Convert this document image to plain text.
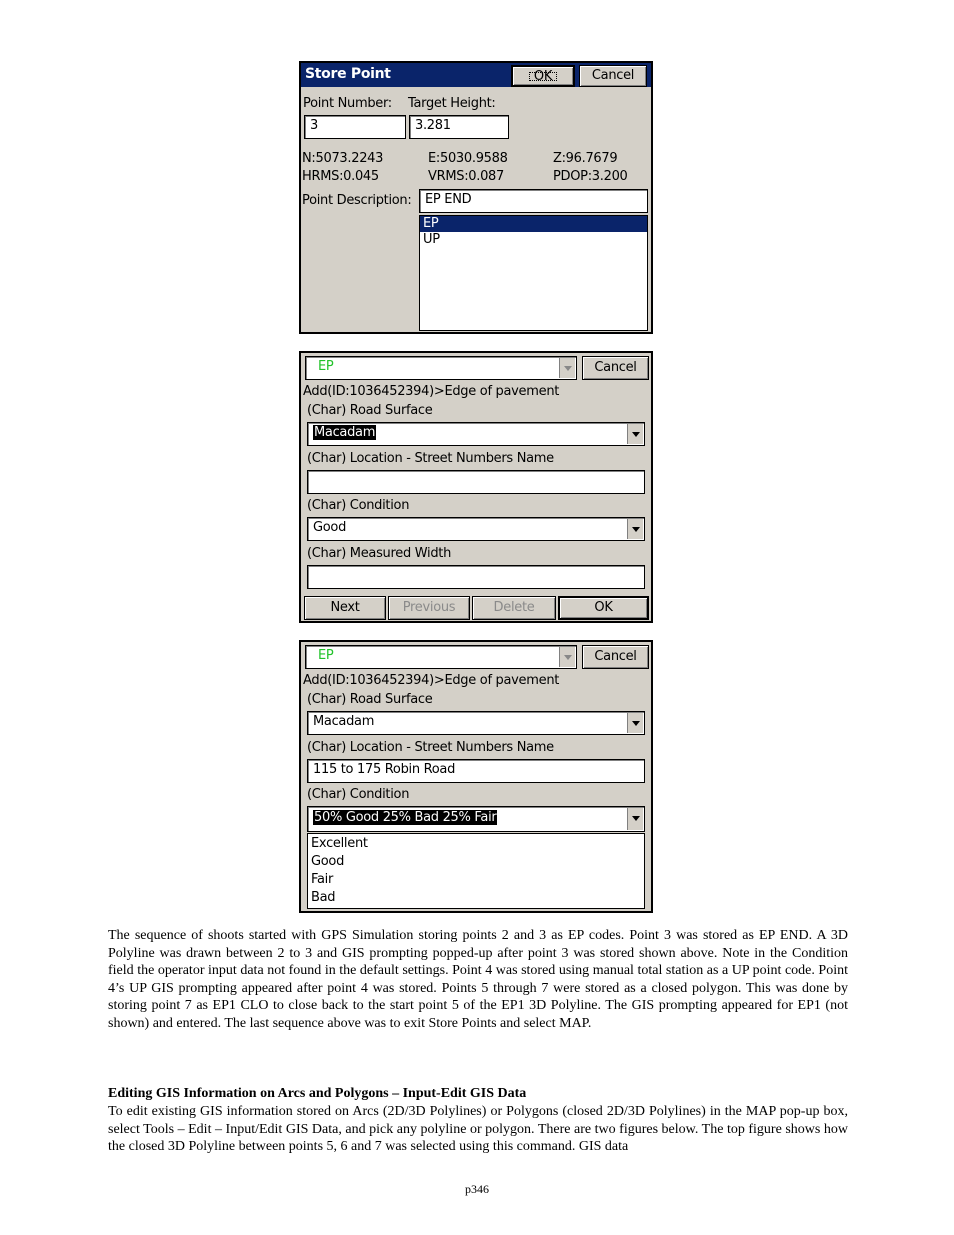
Store Point	OK	Cancel
Point Number: Target Height:
3	3.281
N:5073.2243	E:5030.9588	Z:96.7679
HRMS:0.045	VRMS:0.087	PDOP:3.200
Point Description:	EP END
EP
UP
EP	Cancel
Add(ID:1036452394)>Edge of pavement
(Char) Road Surface
Macadam
(Char) Location - Street Numbers Name
(Char) Condition
Good
(Char) Measured Width
Next	Previous	Delete	OK
EP	Cancel
Add(ID:1036452394)>Edge of pavement
(Char) Road Surface
Macadam
(Char) Location - Street Numbers Name
115 to 175 Robin Road
(Char) Condition
50% Good 25% Bad 25% Fair
Excellent
Good
Fair
Bad
The sequence of shoots started with GPS Simulation storing points 2 and 3 as EP codes. Point 3 was stored as EP END. A 3D Polyline was drawn between 2 to 3 and GIS prompting popped-up after point 3 was stored shown above. Note in the Condition field the operator input data not found in the default settings. Point 4 was stored using manual total station as a UP point code. Point 4’s UP GIS prompting appeared after point 4 was stored. Points 5 through 7 were stored as a closed polygon. This was done by storing point 7 as EP1 CLO to close back to the start point 5 of the EP1 3D Polyline. The GIS prompting appeared for EP1 (not shown) and entered. The last sequence above was to exit Store Points and select MAP.
Editing GIS Information on Arcs and Polygons – Input-Edit GIS Data
To edit existing GIS information stored on Arcs (2D/3D Polylines) or Polygons (closed 2D/3D Polylines) in the MAP pop-up box, select Tools – Edit – Input/Edit GIS Data, and pick any polyline or polygon. There are two figures below. The top figure shows how the closed 3D Polyline between points 5, 6 and 7 was selected using this command. GIS data
p346
